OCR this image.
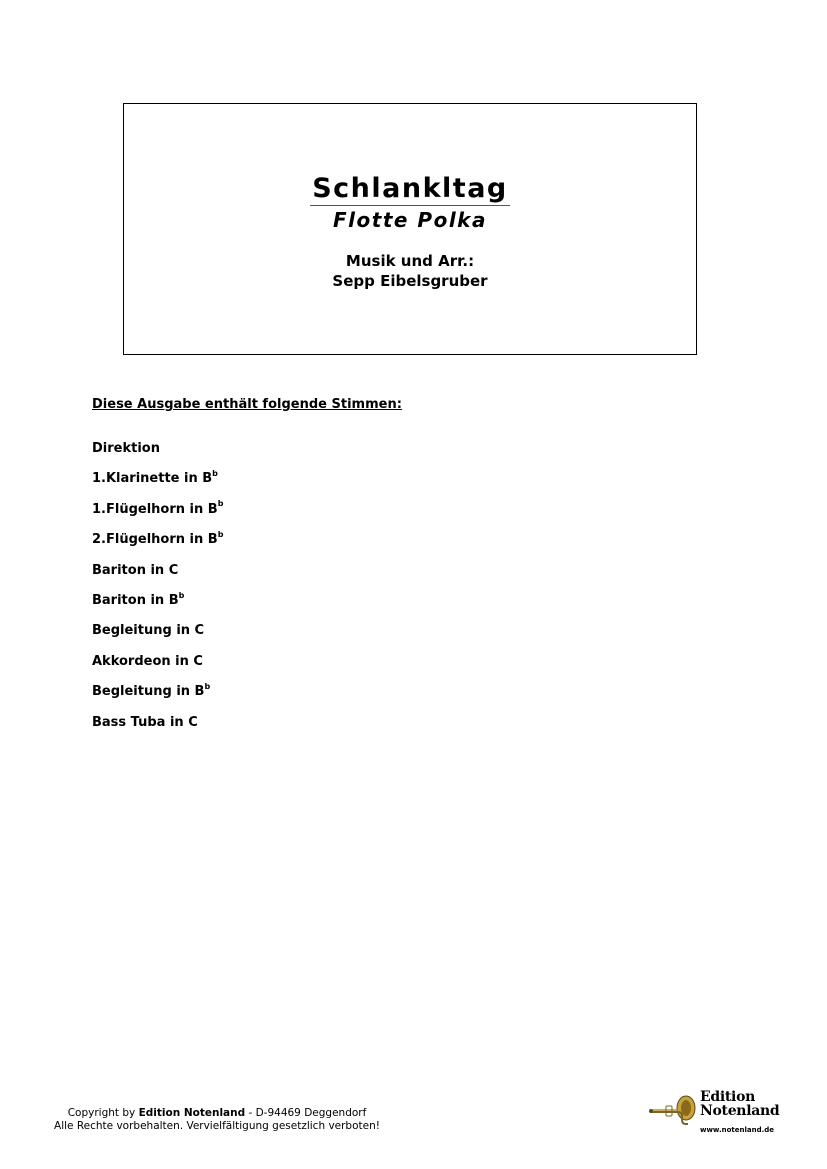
Schlankltag
Flotte Polka
Musik und Arr.:
Sepp Eibelsgruber
Diese Ausgabe enthält folgende Stimmen:
Direktion
1.Klarinette in $B^b$
1.Flügelhorn in $B^b$
2.Flügelhorn in $B^b$
Bariton in C
Bariton in $B^b$
Begleitung in C
Akkordeon in C
Begleitung in $B^b$
Bass Tuba in C
Copyright by Edition Notenland - D-94469 Deggendorf
Alle Rechte vorbehalten. Vervielfältigung gesetzlich verboten!
Edition
Notenland
www.notenland.de
